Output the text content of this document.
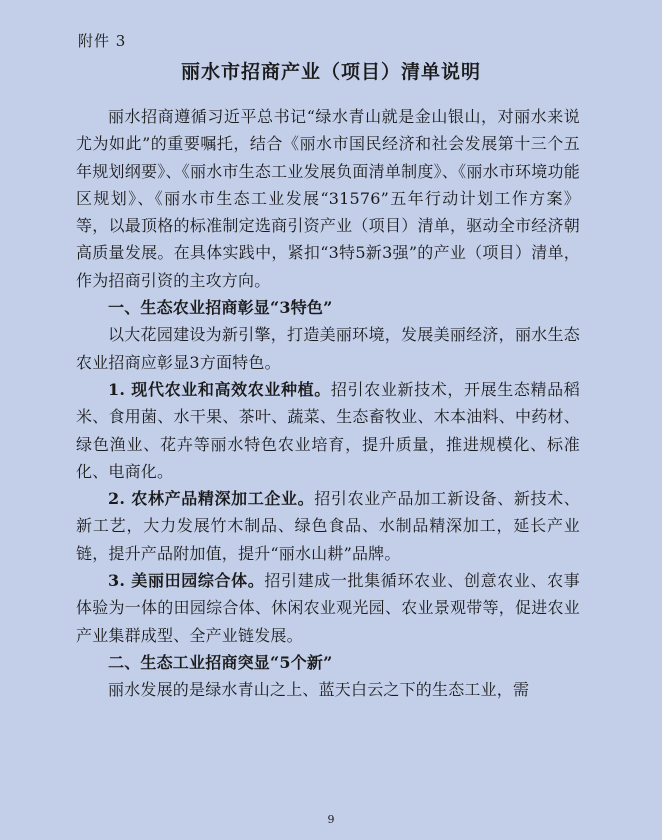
附件 3
丽水市招商产业（项目）清单说明

丽水招商遵循习近平总书记“绿水青山就是金山银山，对丽水来说尤为如此”的重要嘱托，结合《丽水市国民经济和社会发展第十三个五年规划纲要》、《丽水市生态工业发展负面清单制度》、《丽水市环境功能区规划》、《丽水市生态工业发展“31576”五年行动计划工作方案》等，以最顶格的标准制定选商引资产业（项目）清单，驱动全市经济朝高质量发展。在具体实践中，紧扣“3特5新3强”的产业（项目）清单，作为招商引资的主攻方向。

一、生态农业招商彰显“3特色”

以大花园建设为新引擎，打造美丽环境，发展美丽经济，丽水生态农业招商应彰显3方面特色。

1. 现代农业和高效农业种植。招引农业新技术，开展生态精品稻米、食用菌、水干果、茶叶、蔬菜、生态畜牧业、木本油料、中药材、绿色渔业、花卉等丽水特色农业培育，提升质量，推进规模化、标准化、电商化。

2. 农林产品精深加工企业。招引农业产品加工新设备、新技术、新工艺，大力发展竹木制品、绿色食品、水制品精深加工，延长产业链，提升产品附加值，提升“丽水山耕”品牌。

3. 美丽田园综合体。招引建成一批集循环农业、创意农业、农事体验为一体的田园综合体、休闲农业观光园、农业景观带等，促进农业产业集群成型、全产业链发展。

二、生态工业招商突显“5个新”

丽水发展的是绿水青山之上、蓝天白云之下的生态工业，需

9
